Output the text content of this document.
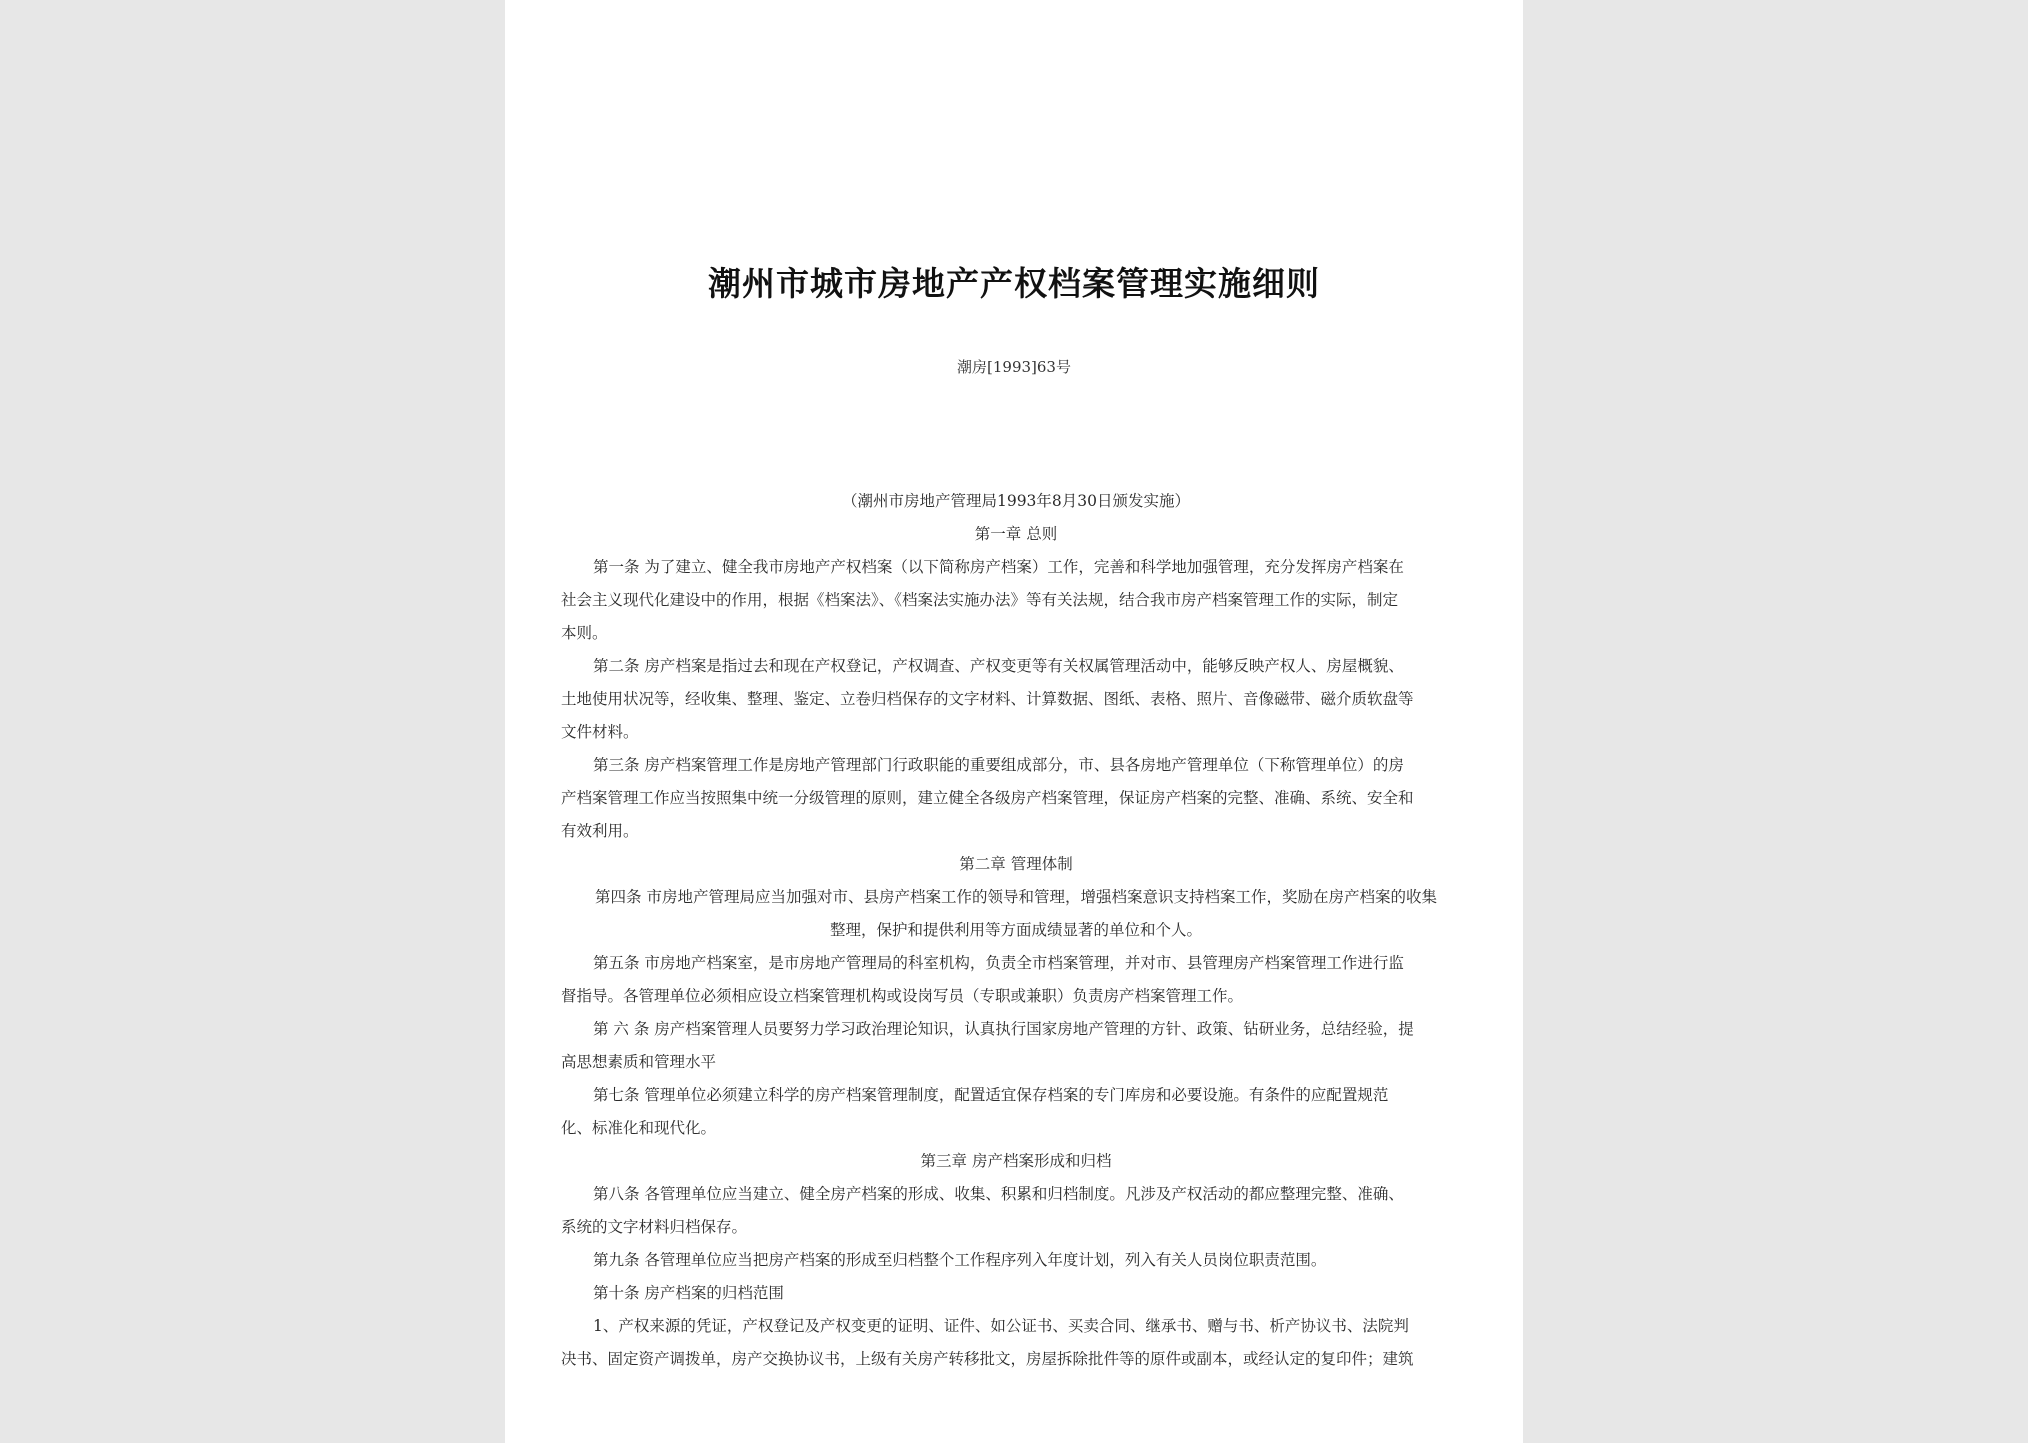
潮州市城市房地产产权档案管理实施细则
潮房[1993]63号
（潮州市房地产管理局1993年8月30日颁发实施）
第一章 总则
第一条 为了建立、健全我市房地产产权档案（以下简称房产档案）工作，完善和科学地加强管理，充分发挥房产档案在
社会主义现代化建设中的作用，根据《档案法》、《档案法实施办法》等有关法规，结合我市房产档案管理工作的实际，制定
本则。
第二条 房产档案是指过去和现在产权登记，产权调查、产权变更等有关权属管理活动中，能够反映产权人、房屋概貌、
土地使用状况等，经收集、整理、鉴定、立卷归档保存的文字材料、计算数据、图纸、表格、照片、音像磁带、磁介质软盘等
文件材料。
第三条 房产档案管理工作是房地产管理部门行政职能的重要组成部分，市、县各房地产管理单位（下称管理单位）的房
产档案管理工作应当按照集中统一分级管理的原则，建立健全各级房产档案管理，保证房产档案的完整、准确、系统、安全和
有效利用。
第二章 管理体制
第四条 市房地产管理局应当加强对市、县房产档案工作的领导和管理，增强档案意识支持档案工作，奖励在房产档案的收集
整理，保护和提供利用等方面成绩显著的单位和个人。
第五条 市房地产档案室，是市房地产管理局的科室机构，负责全市档案管理，并对市、县管理房产档案管理工作进行监
督指导。各管理单位必须相应设立档案管理机构或设岗写员（专职或兼职）负责房产档案管理工作。
第 六 条 房产档案管理人员要努力学习政治理论知识，认真执行国家房地产管理的方针、政策、钻研业务，总结经验，提
高思想素质和管理水平
第七条 管理单位必须建立科学的房产档案管理制度，配置适宜保存档案的专门库房和必要设施。有条件的应配置规范
化、标准化和现代化。
第三章 房产档案形成和归档
第八条 各管理单位应当建立、健全房产档案的形成、收集、积累和归档制度。凡涉及产权活动的都应整理完整、准确、
系统的文字材料归档保存。
第九条 各管理单位应当把房产档案的形成至归档整个工作程序列入年度计划，列入有关人员岗位职责范围。
第十条 房产档案的归档范围
1、产权来源的凭证，产权登记及产权变更的证明、证件、如公证书、买卖合同、继承书、赠与书、析产协议书、法院判
决书、固定资产调拨单，房产交换协议书，上级有关房产转移批文，房屋拆除批件等的原件或副本，或经认定的复印件；建筑
